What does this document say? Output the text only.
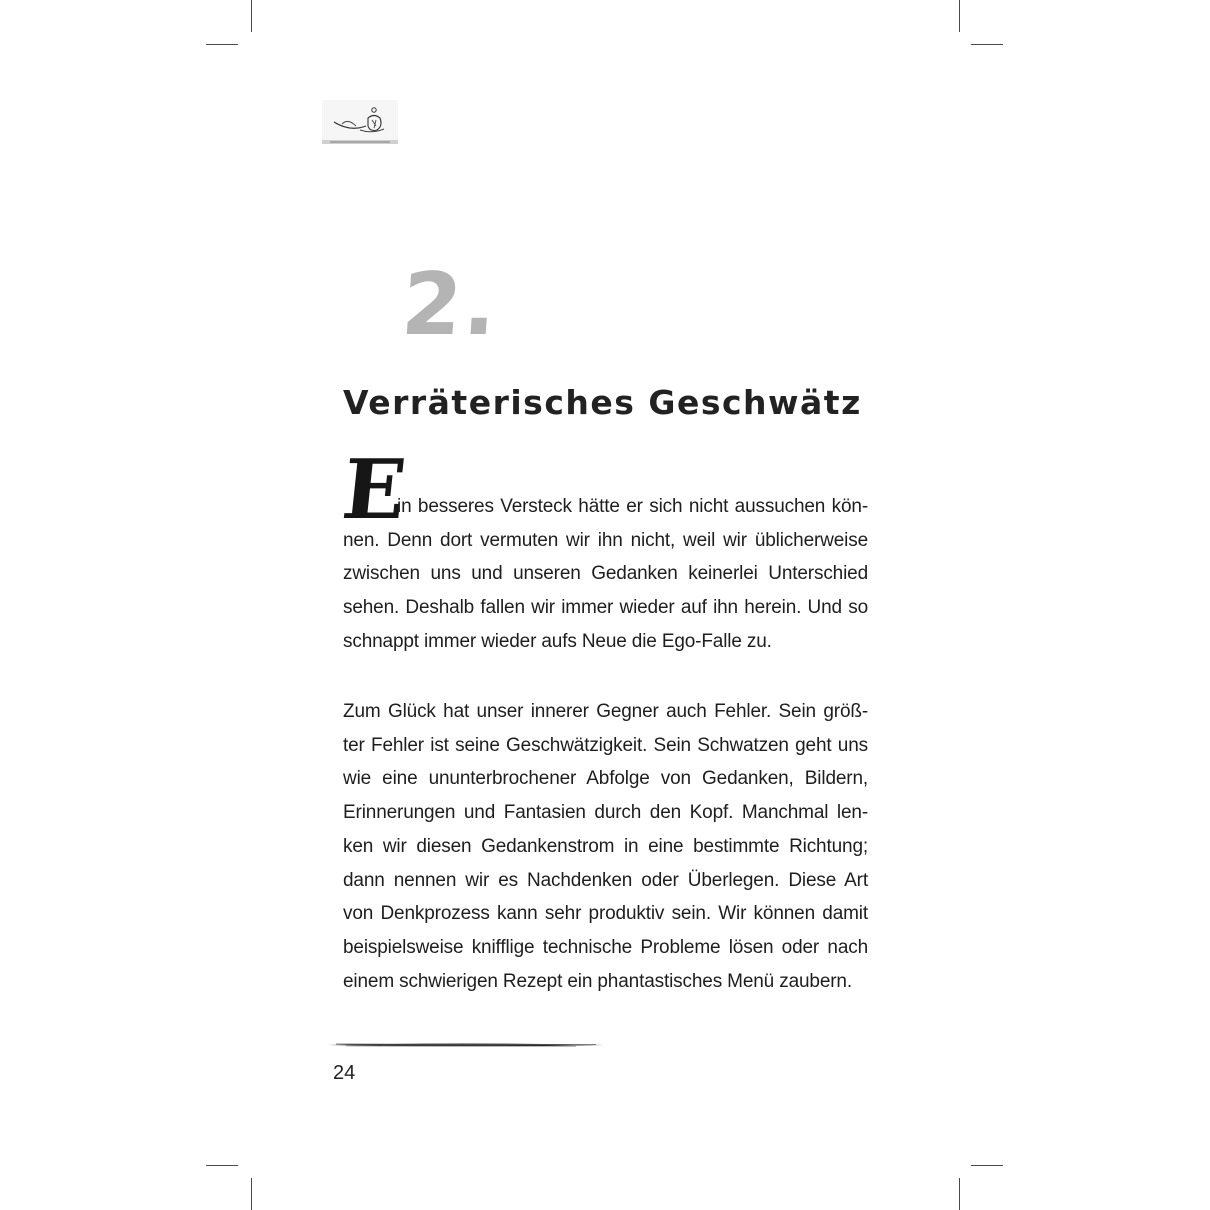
2.
Verräterisches Geschwätz
E
in besseres Versteck hätte er sich nicht aussuchen kön-
nen. Denn dort vermuten wir ihn nicht, weil wir üblicherweise zwischen uns und unseren Gedanken keinerlei Unterschied sehen. Deshalb fallen wir immer wieder auf ihn herein. Und so schnappt immer wieder aufs Neue die Ego-Falle zu.
Zum Glück hat unser innerer Gegner auch Fehler. Sein größ-ter Fehler ist seine Geschwätzigkeit. Sein Schwatzen geht uns wie eine ununterbrochener Abfolge von Gedanken, Bildern, Erinnerungen und Fantasien durch den Kopf. Manchmal len-ken wir diesen Gedankenstrom in eine bestimmte Richtung; dann nennen wir es Nachdenken oder Überlegen. Diese Art von Denkprozess kann sehr produktiv sein. Wir können damit beispielsweise knifflige technische Probleme lösen oder nach einem schwierigen Rezept ein phantastisches Menü zaubern.
24
